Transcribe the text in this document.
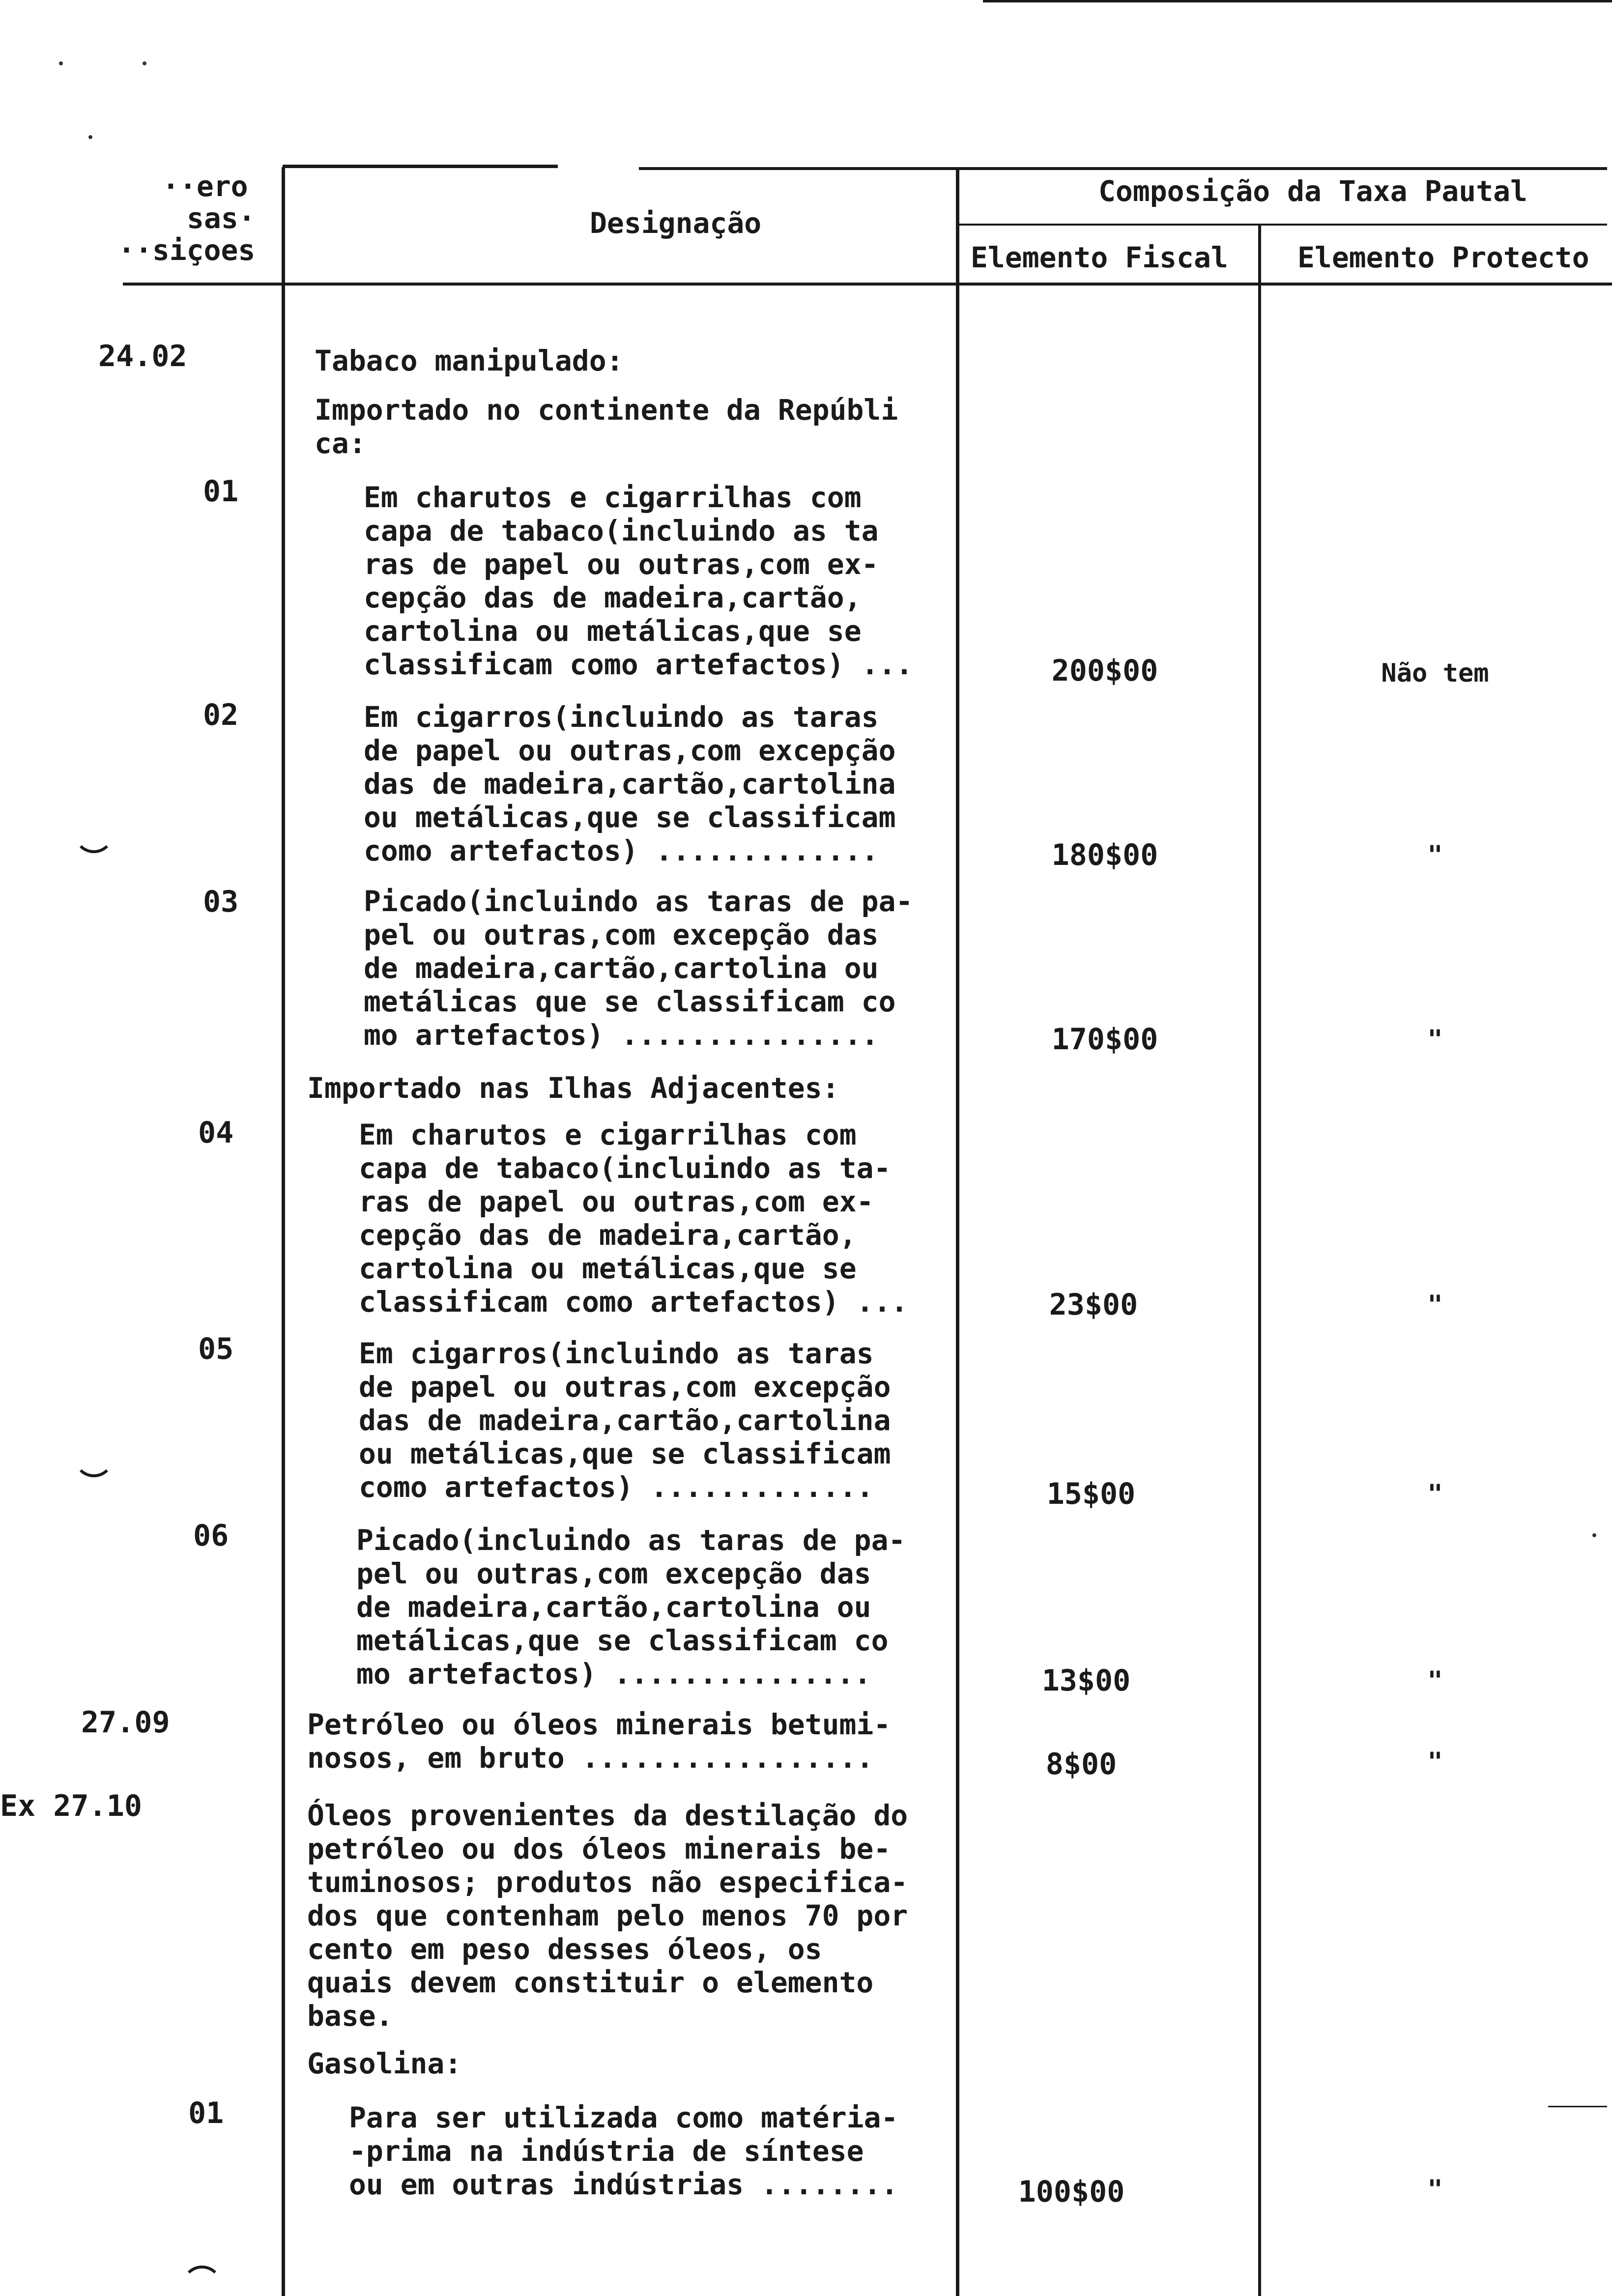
··ero
sas·
··siçoes
Designação
Composição da Taxa Pautal
Elemento Fiscal Elemento Protecto
24.02	Tabaco manipulado:
Importado no continente da Repúbli
ca:
01	Em charutos e cigarrilhas com
capa de tabaco(incluindo as ta
ras de papel ou outras,com ex-
cepção das de madeira,cartão,
cartolina ou metálicas,que se
classificam como artefactos) ...	200$00	Não tem
02	Em cigarros(incluindo as taras
de papel ou outras,com excepção
das de madeira,cartão,cartolina
ou metálicas,que se classificam
como artefactos) .............	180$00	"
03	Picado(incluindo as taras de pa-
pel ou outras,com excepção das
de madeira,cartão,cartolina ou
metálicas que se classificam co
mo artefactos) ...............	170$00	"
Importado nas Ilhas Adjacentes:
04	Em charutos e cigarrilhas com
capa de tabaco(incluindo as ta-
ras de papel ou outras,com ex-
cepção das de madeira,cartão,
cartolina ou metálicas,que se
classificam como artefactos) ...	23$00	"
05	Em cigarros(incluindo as taras
de papel ou outras,com excepção
das de madeira,cartão,cartolina
ou metálicas,que se classificam
como artefactos) .............	15$00	"
06	Picado(incluindo as taras de pa-
pel ou outras,com excepção das
de madeira,cartão,cartolina ou
metálicas,que se classificam co
mo artefactos) ...............	13$00	"
27.09	Petróleo ou óleos minerais betumi-
nosos, em bruto .................	8$00	"
Ex 27.10	Óleos provenientes da destilação do
petróleo ou dos óleos minerais be-
tuminosos; produtos não especifica-
dos que contenham pelo menos 70 por
cento em peso desses óleos, os
quais devem constituir o elemento
base.
Gasolina:
01	Para ser utilizada como matéria-
-prima na indústria de síntese
ou em outras indústrias ........	100$00	"
